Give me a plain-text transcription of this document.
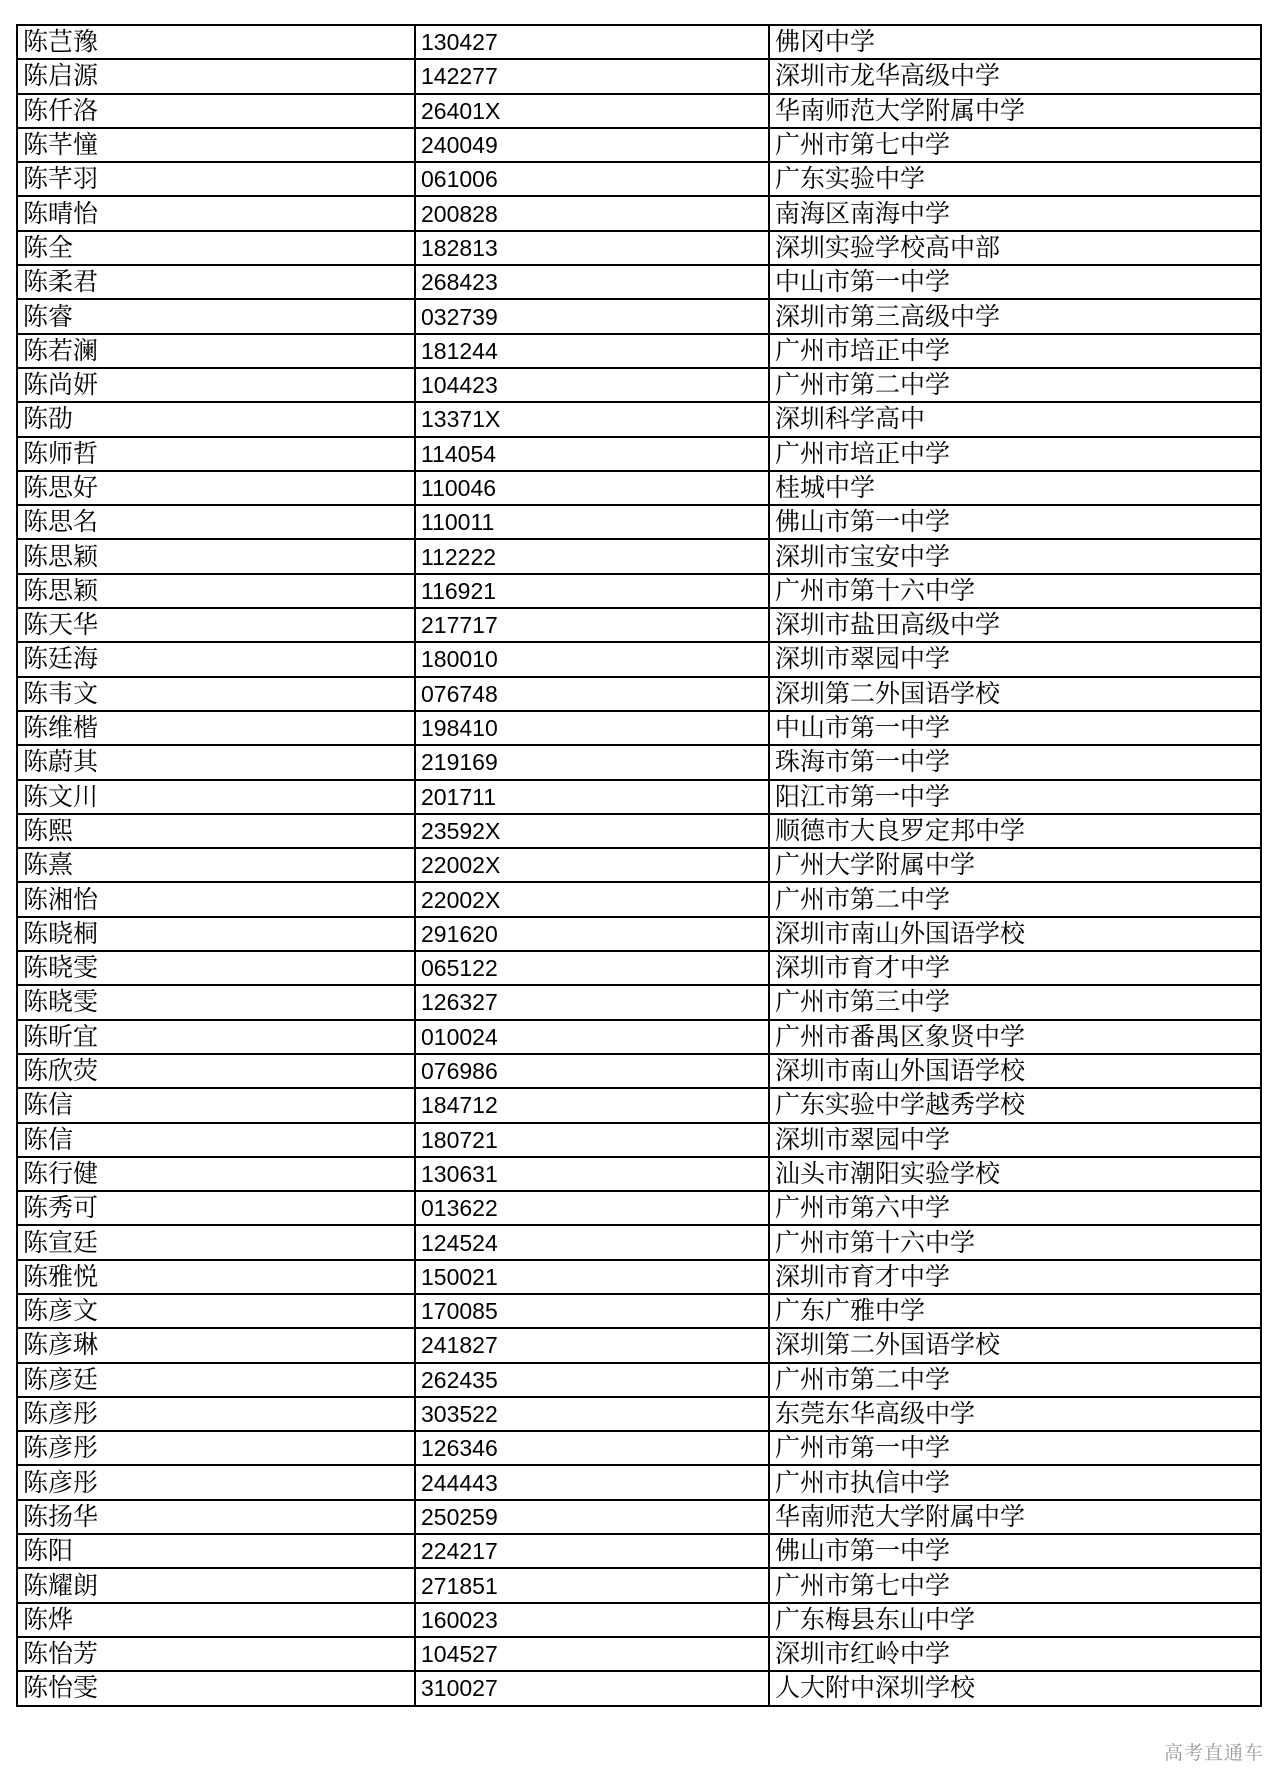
陈芑豫	130427	佛冈中学
陈启源	142277	深圳市龙华高级中学
陈仟洛	26401X	华南师范大学附属中学
陈芊憧	240049	广州市第七中学
陈芊羽	061006	广东实验中学
陈晴怡	200828	南海区南海中学
陈全	182813	深圳实验学校高中部
陈柔君	268423	中山市第一中学
陈睿	032739	深圳市第三高级中学
陈若澜	181244	广州市培正中学
陈尚妍	104423	广州市第二中学
陈劭	13371X	深圳科学高中
陈师哲	114054	广州市培正中学
陈思好	110046	桂城中学
陈思名	110011	佛山市第一中学
陈思颖	112222	深圳市宝安中学
陈思颖	116921	广州市第十六中学
陈天华	217717	深圳市盐田高级中学
陈廷海	180010	深圳市翠园中学
陈韦文	076748	深圳第二外国语学校
陈维楷	198410	中山市第一中学
陈蔚其	219169	珠海市第一中学
陈文川	201711	阳江市第一中学
陈熙	23592X	顺德市大良罗定邦中学
陈熹	22002X	广州大学附属中学
陈湘怡	22002X	广州市第二中学
陈晓桐	291620	深圳市南山外国语学校
陈晓雯	065122	深圳市育才中学
陈晓雯	126327	广州市第三中学
陈昕宜	010024	广州市番禺区象贤中学
陈欣荧	076986	深圳市南山外国语学校
陈信	184712	广东实验中学越秀学校
陈信	180721	深圳市翠园中学
陈行健	130631	汕头市潮阳实验学校
陈秀可	013622	广州市第六中学
陈宣廷	124524	广州市第十六中学
陈雅悦	150021	深圳市育才中学
陈彦文	170085	广东广雅中学
陈彦琳	241827	深圳第二外国语学校
陈彦廷	262435	广州市第二中学
陈彦彤	303522	东莞东华高级中学
陈彦彤	126346	广州市第一中学
陈彦彤	244443	广州市执信中学
陈扬华	250259	华南师范大学附属中学
陈阳	224217	佛山市第一中学
陈耀朗	271851	广州市第七中学
陈烨	160023	广东梅县东山中学
陈怡芳	104527	深圳市红岭中学
陈怡雯	310027	人大附中深圳学校
高考直通车
